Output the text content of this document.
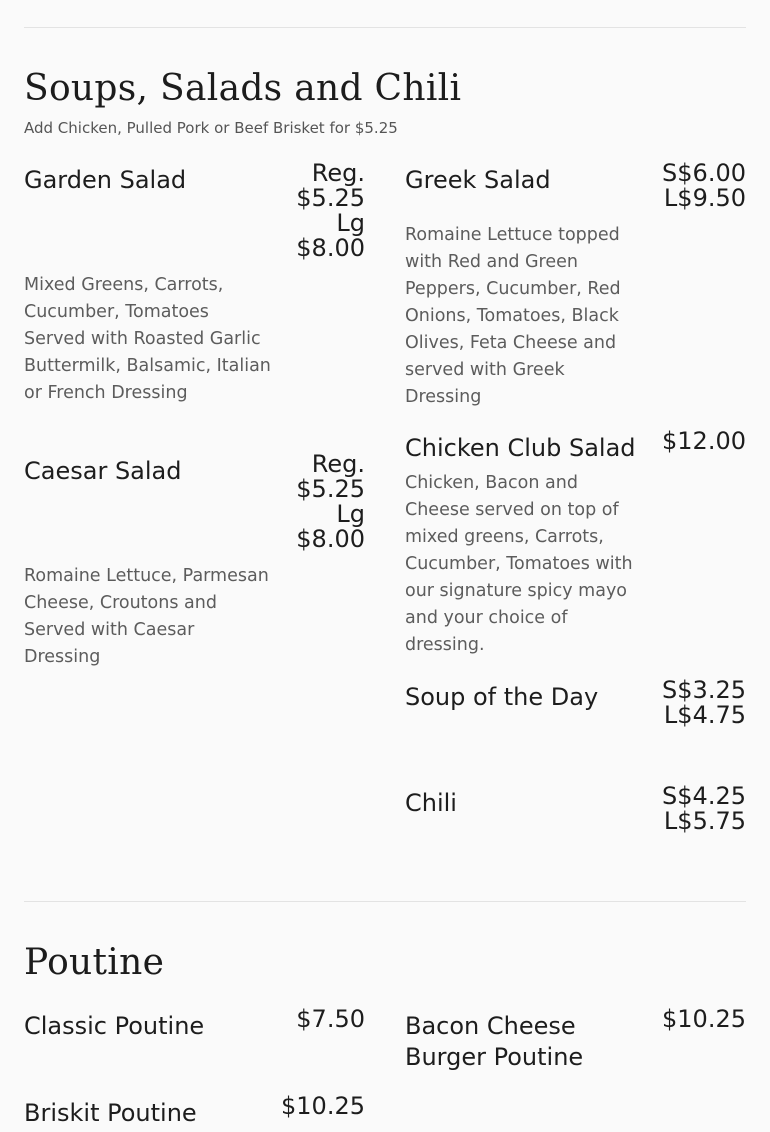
Soups, Salads and Chili
Add Chicken, Pulled Pork or Beef Brisket for $5.25
Garden Salad	Reg.
$5.25
Lg
$8.00
Mixed Greens, Carrots, Cucumber, Tomatoes Served with Roasted Garlic Buttermilk, Balsamic, Italian or French Dressing
Greek Salad	S$6.00
L$9.50
Romaine Lettuce topped with Red and Green Peppers, Cucumber, Red Onions, Tomatoes, Black Olives, Feta Cheese and served with Greek Dressing
Caesar Salad	Reg.
$5.25
Lg
$8.00
Romaine Lettuce, Parmesan Cheese, Croutons and Served with Caesar Dressing
Chicken Club Salad	$12.00
Chicken, Bacon and Cheese served on top of mixed greens, Carrots, Cucumber, Tomatoes with our signature spicy mayo and your choice of dressing.
Soup of the Day	S$3.25
L$4.75
Chili	S$4.25
L$5.75
Poutine
Classic Poutine	$7.50 Bacon Cheese Burger Poutine
$10.25
Briskit Poutine	$10.25
